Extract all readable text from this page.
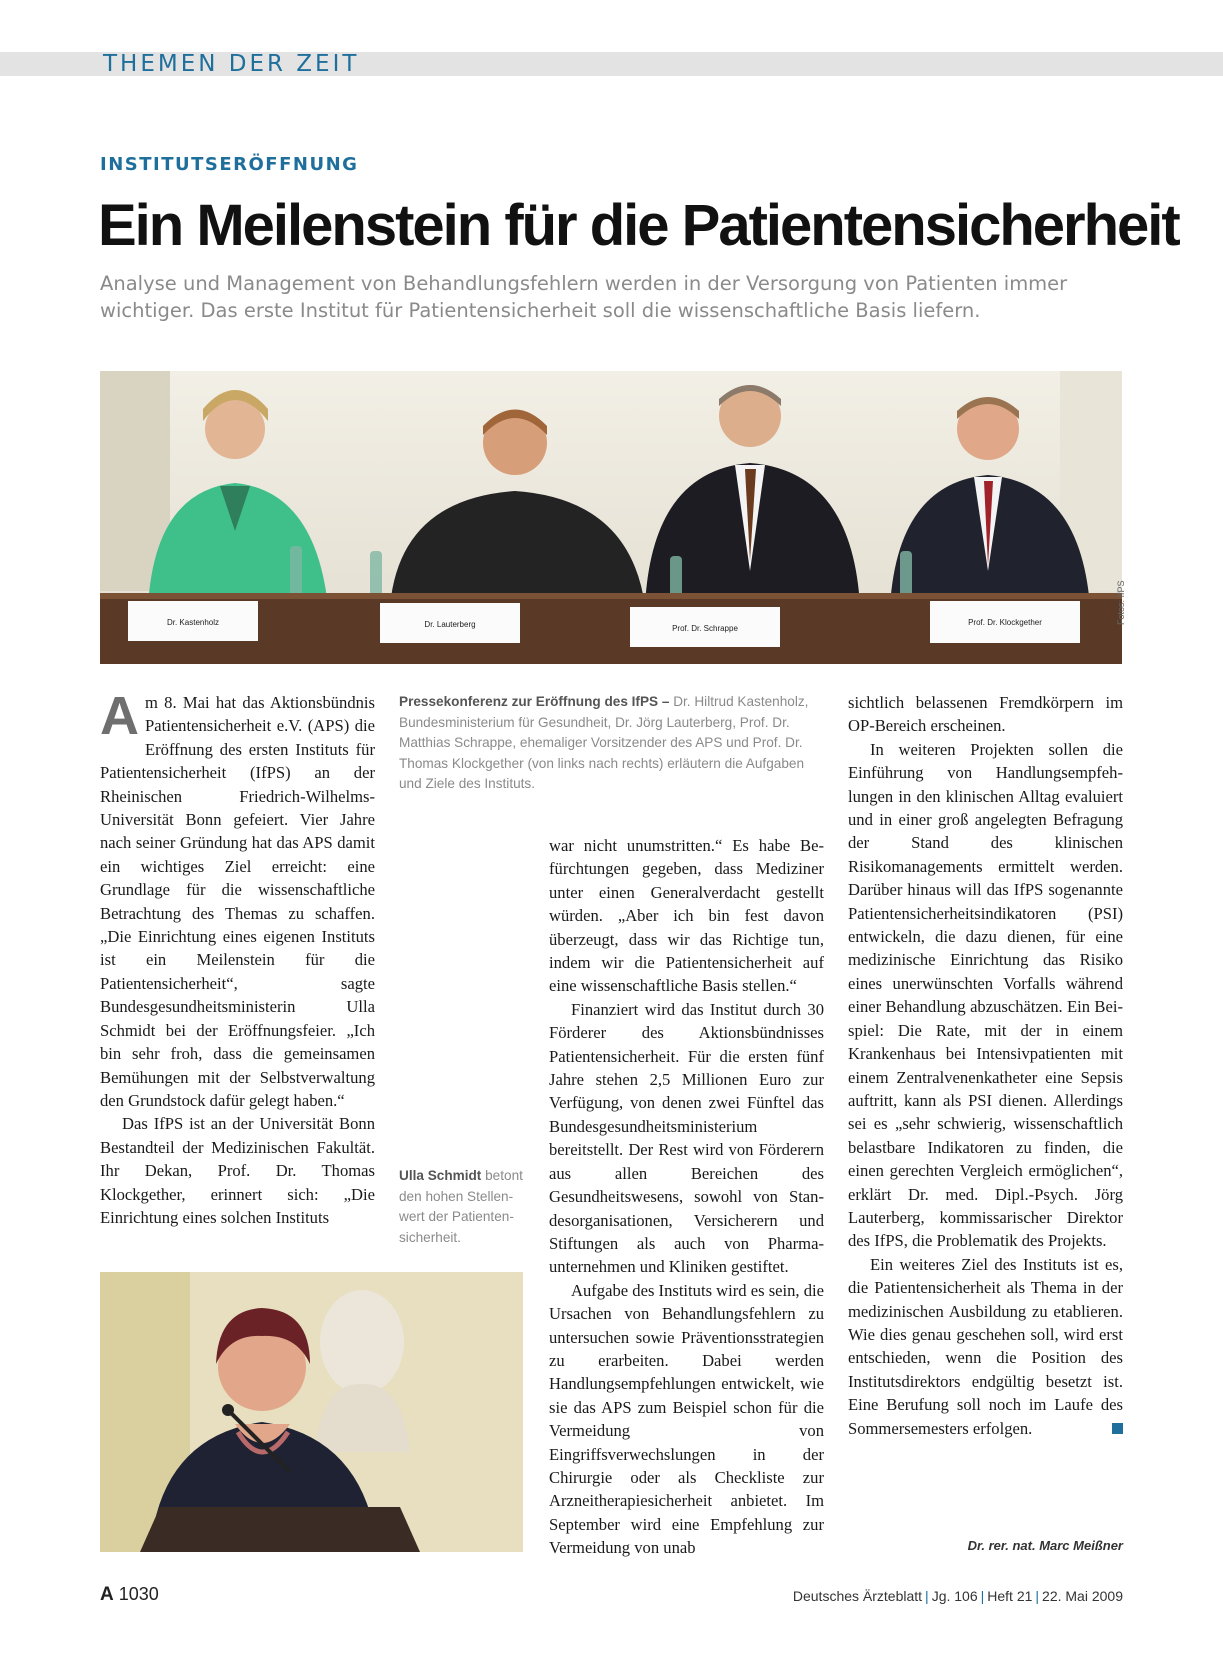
THEMEN DER ZEIT
INSTITUTSERÖFFNUNG
Ein Meilenstein für die Patientensicherheit
Analyse und Management von Behandlungsfehlern werden in der Versorgung von Patienten immer wichtiger. Das erste Institut für Patientensicherheit soll die wissenschaftliche Basis liefern.
Dr. Kastenholz	Dr. Lauterberg	Prof. Dr. Schrappe
Prof. Dr. Klockgether	Fotos: IfPS

Am 8. Mai hat das Aktionsbündnis Patientensicherheit e.V. (APS) die Eröffnung des ersten Instituts für Patientensicherheit (IfPS) an der Rheinischen Friedrich-Wilhelms-Universität Bonn gefeiert. Vier Jahre nach seiner Gründung hat das APS damit ein wichtiges Ziel erreicht: eine Grundlage für die wissenschaftliche Betrachtung des Themas zu schaffen. „Die Einrichtung eines eigenen Instituts ist ein Meilenstein für die Patientensicherheit“, sagte Bundesgesundheitsministerin Ulla Schmidt bei der Eröffnungsfeier. „Ich bin sehr froh, dass die gemeinsamen Bemühungen mit der Selbstverwaltung den Grundstock dafür gelegt haben.“

Das IfPS ist an der Universität Bonn Bestandteil der Medizinischen Fakultät. Ihr Dekan, Prof. Dr. Thomas Klockgether, erinnert sich: „Die Einrichtung eines solchen Instituts

Pressekonferenz zur Eröffnung des IfPS – Dr. Hiltrud Kastenholz, Bundesministerium für Gesundheit, Dr. Jörg Lauterberg, Prof. Dr. Matthias Schrappe, ehemaliger Vorsitzender des APS und Prof. Dr. Thomas Klockgether (von links nach rechts) erläutern die Aufgaben und Ziele des Instituts.

war nicht unumstritten.“ Es habe Befürchtungen gegeben, dass Mediziner unter einen Generalverdacht gestellt würden. „Aber ich bin fest davon überzeugt, dass wir das Richtige tun, indem wir die Patientensicherheit auf eine wissenschaftliche Basis stellen.“

Finanziert wird das Institut durch 30 Förderer des Aktionsbündnisses Patientensicherheit. Für die ersten fünf Jahre stehen 2,5 Millionen Euro zur Verfügung, von denen zwei Fünftel das Bundesgesundheitsministerium bereitstellt. Der Rest wird von Förderern aus allen Bereichen des Gesundheitswesens, sowohl von Standesorganisationen, Versicherern und Stiftungen als auch von Pharmaunternehmen und Kliniken gestiftet.

Aufgabe des Instituts wird es sein, die Ursachen von Behandlungsfehlern zu untersuchen sowie Präventionsstrategien zu erarbeiten. Dabei werden Handlungsempfehlungen entwickelt, wie sie das APS zum Beispiel schon für die Vermeidung von Eingriffsverwechslungen in der Chirurgie oder als Checkliste zur Arzneitherapiesicherheit anbietet. Im September wird eine Empfehlung zur Vermeidung von unab

Ulla Schmidt betont den hohen Stellenwert der Patientensicherheit.

sichtlich belassenen Fremdkörpern im OP-Bereich erscheinen.

In weiteren Projekten sollen die Einführung von Handlungsempfehlungen in den klinischen Alltag evaluiert und in einer groß angelegten Befragung der Stand des klinischen Risikomanagements ermittelt werden. Darüber hinaus will das IfPS sogenannte Patientensicherheitsindikatoren (PSI) entwickeln, die dazu dienen, für eine medizinische Einrichtung das Risiko eines unerwünschten Vorfalls während einer Behandlung abzuschätzen. Ein Beispiel: Die Rate, mit der in einem Krankenhaus bei Intensivpatienten mit einem Zentralvenenkatheter eine Sepsis auftritt, kann als PSI dienen. Allerdings sei es „sehr schwierig, wissenschaftlich belastbare Indikatoren zu finden, die einen gerechten Vergleich ermöglichen“, erklärt Dr. med. Dipl.-Psych. Jörg Lauterberg, kommissarischer Direktor des IfPS, die Problematik des Projekts.

Ein weiteres Ziel des Instituts ist es, die Patientensicherheit als Thema in der medizinischen Ausbildung zu etablieren. Wie dies genau geschehen soll, wird erst entschieden, wenn die Position des Institutsdirektors endgültig besetzt ist. Eine Berufung soll noch im Laufe des Sommersemesters erfolgen.

Dr. rer. nat. Marc Meißner
A 1030	Deutsches Ärzteblatt | Jg. 106 | Heft 21 | 22. Mai 2009
